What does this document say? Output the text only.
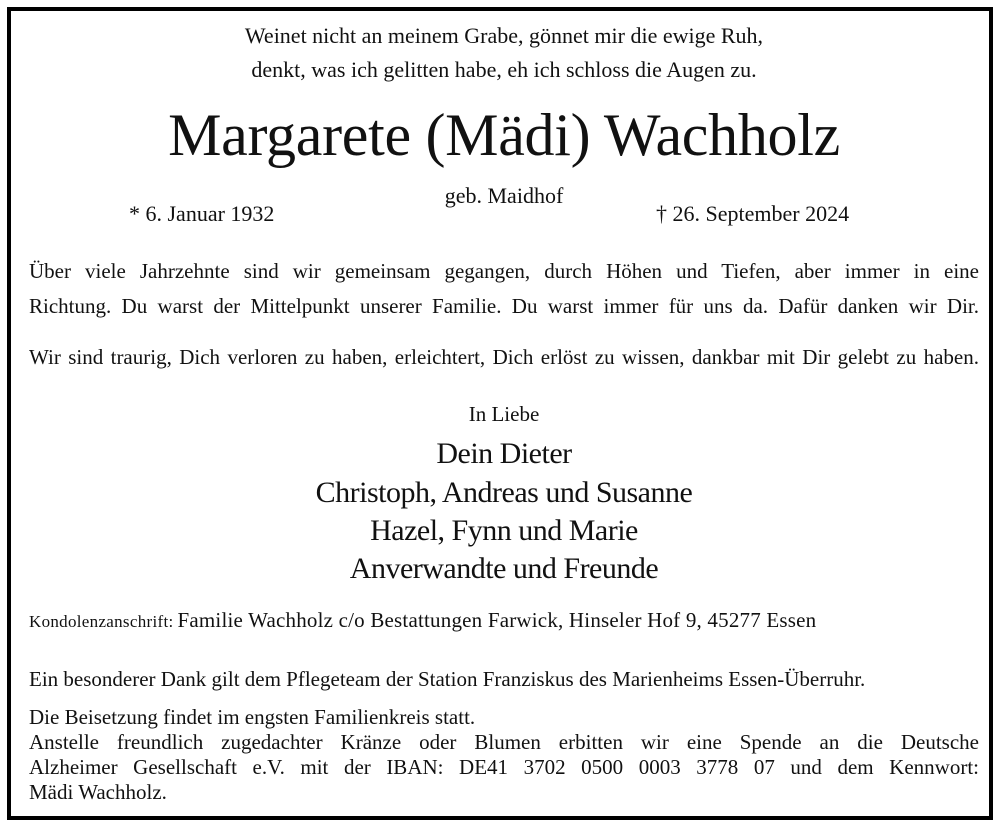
Weinet nicht an meinem Grabe, gönnet mir die ewige Ruh,
denkt, was ich gelitten habe, eh ich schloss die Augen zu.
Margarete (Mädi) Wachholz
geb. Maidhof
* 6. Januar 1932	† 26. September 2024
Über viele Jahrzehnte sind wir gemeinsam gegangen, durch Höhen und Tiefen, aber immer in eine
Richtung. Du warst der Mittelpunkt unserer Familie. Du warst immer für uns da. Dafür danken wir Dir.
Wir sind traurig, Dich verloren zu haben, erleichtert, Dich erlöst zu wissen, dankbar mit Dir gelebt zu haben.
In Liebe
Dein Dieter
Christoph, Andreas und Susanne
Hazel, Fynn und Marie
Anverwandte und Freunde
Kondolenzanschrift: Familie Wachholz c/o Bestattungen Farwick, Hinseler Hof 9, 45277 Essen
Ein besonderer Dank gilt dem Pflegeteam der Station Franziskus des Marienheims Essen-Überruhr.
Die Beisetzung findet im engsten Familienkreis statt.
Anstelle freundlich zugedachter Kränze oder Blumen erbitten wir eine Spende an die Deutsche
Alzheimer Gesellschaft e.V. mit der IBAN: DE41 3702 0500 0003 3778 07 und dem Kennwort:
Mädi Wachholz.
